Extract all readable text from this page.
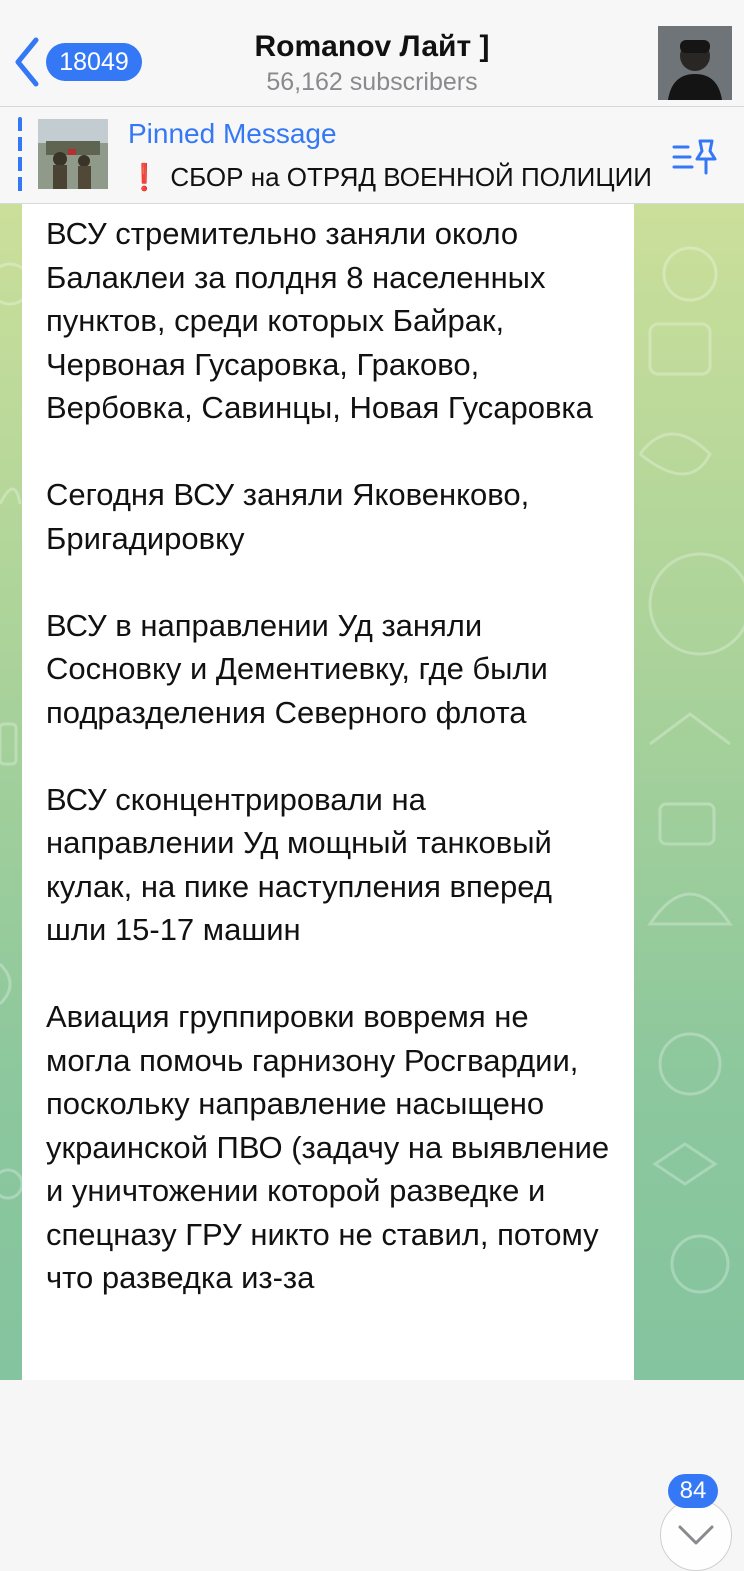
18049	Romanov Лайт ]
56,162 subscribers
Pinned Message
❗ СБОР на ОТРЯД ВОЕННОЙ ПОЛИЦИИ

ВСУ стремительно заняли около Балаклеи за полдня 8 населенных пунктов, среди которых Байрак, Червоная Гусаровка, Граково, Вербовка, Савинцы, Новая Гусаровка

Сегодня ВСУ заняли Яковенково, Бригадировку

ВСУ в направлении Уд заняли Сосновку и Дементиевку, где были подразделения Северного флота

ВСУ сконцентрировали на направлении Уд мощный танковый кулак, на пике наступления вперед шли 15-17 машин

Авиация группировки вовремя не могла помочь гарнизону Росгвардии, поскольку направление насыщено украинской ПВО (задачу на выявление и уничтожении которой разведке и спецназу ГРУ никто не ставил, потому что разведка из-за

84
